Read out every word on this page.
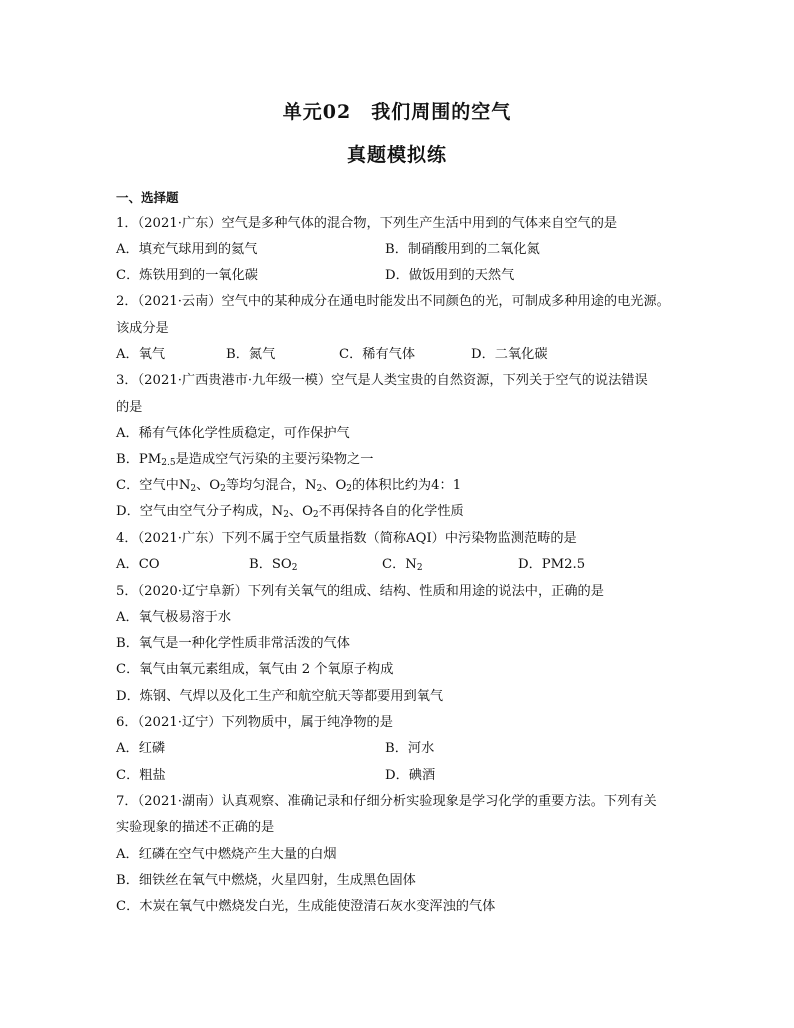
单元02　我们周围的空气
真题模拟练
一、选择题
1．（2021·广东）空气是多种气体的混合物，下列生产生活中用到的气体来自空气的是
A．填充气球用到的氦气	B．制硝酸用到的二氧化氮
C．炼铁用到的一氧化碳	D．做饭用到的天然气
2．（2021·云南）空气中的某种成分在通电时能发出不同颜色的光，可制成多种用途的电光源。
该成分是
A．氧气	B．氮气	C．稀有气体	D．二氧化碳
3．（2021·广西贵港市·九年级一模）空气是人类宝贵的自然资源，下列关于空气的说法错误
的是
A．稀有气体化学性质稳定，可作保护气
B．$PM_{2.5}$是造成空气污染的主要污染物之一
C．空气中$N_2$、$O_2$等均匀混合，$N_2$、$O_2$的体积比约为4：1
D．空气由空气分子构成，$N_2$、$O_2$不再保持各自的化学性质
4．（2021·广东）下列不属于空气质量指数（简称AQI）中污染物监测范畴的是
A．CO	B．$SO_2$	C．$N_2$	D．PM2.5
5．（2020·辽宁阜新）下列有关氧气的组成、结构、性质和用途的说法中，正确的是
A．氧气极易溶于水
B．氧气是一种化学性质非常活泼的气体
C．氧气由氧元素组成，氧气由 2 个氧原子构成
D．炼钢、气焊以及化工生产和航空航天等都要用到氧气
6．（2021·辽宁）下列物质中，属于纯净物的是
A．红磷	B．河水
C．粗盐	D．碘酒
7．（2021·湖南）认真观察、准确记录和仔细分析实验现象是学习化学的重要方法。下列有关
实验现象的描述不正确的是
A．红磷在空气中燃烧产生大量的白烟
B．细铁丝在氧气中燃烧，火星四射，生成黑色固体
C．木炭在氧气中燃烧发白光，生成能使澄清石灰水变浑浊的气体
